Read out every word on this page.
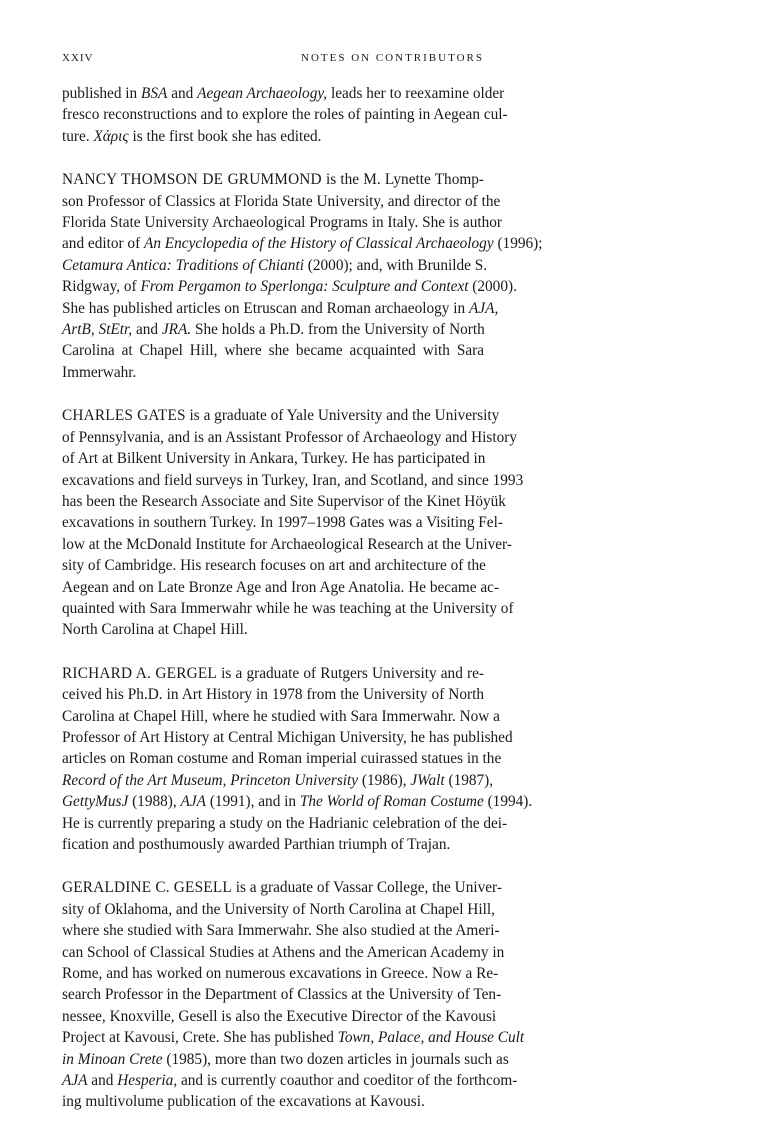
XXIV	NOTES ON CONTRIBUTORS

published in BSA and Aegean Archaeology, leads her to reexamine older
fresco reconstructions and to explore the roles of painting in Aegean cul-
ture. Χάρις is the first book she has edited.

NANCY THOMSON DE GRUMMOND is the M. Lynette Thomp-
son Professor of Classics at Florida State University, and director of the
Florida State University Archaeological Programs in Italy. She is author
and editor of An Encyclopedia of the History of Classical Archaeology (1996);
Cetamura Antica: Traditions of Chianti (2000); and, with Brunilde S.
Ridgway, of From Pergamon to Sperlonga: Sculpture and Context (2000).
She has published articles on Etruscan and Roman archaeology in AJA,
ArtB, StEtr, and JRA. She holds a Ph.D. from the University of North
Carolina at Chapel Hill, where she became acquainted with Sara
Immerwahr.

CHARLES GATES is a graduate of Yale University and the University
of Pennsylvania, and is an Assistant Professor of Archaeology and History
of Art at Bilkent University in Ankara, Turkey. He has participated in
excavations and field surveys in Turkey, Iran, and Scotland, and since 1993
has been the Research Associate and Site Supervisor of the Kinet Höyük
excavations in southern Turkey. In 1997–1998 Gates was a Visiting Fel-
low at the McDonald Institute for Archaeological Research at the Univer-
sity of Cambridge. His research focuses on art and architecture of the
Aegean and on Late Bronze Age and Iron Age Anatolia. He became ac-
quainted with Sara Immerwahr while he was teaching at the University of
North Carolina at Chapel Hill.

RICHARD A. GERGEL is a graduate of Rutgers University and re-
ceived his Ph.D. in Art History in 1978 from the University of North
Carolina at Chapel Hill, where he studied with Sara Immerwahr. Now a
Professor of Art History at Central Michigan University, he has published
articles on Roman costume and Roman imperial cuirassed statues in the
Record of the Art Museum, Princeton University (1986), JWalt (1987),
GettyMusJ (1988), AJA (1991), and in The World of Roman Costume (1994).
He is currently preparing a study on the Hadrianic celebration of the dei-
fication and posthumously awarded Parthian triumph of Trajan.

GERALDINE C. GESELL is a graduate of Vassar College, the Univer-
sity of Oklahoma, and the University of North Carolina at Chapel Hill,
where she studied with Sara Immerwahr. She also studied at the Ameri-
can School of Classical Studies at Athens and the American Academy in
Rome, and has worked on numerous excavations in Greece. Now a Re-
search Professor in the Department of Classics at the University of Ten-
nessee, Knoxville, Gesell is also the Executive Director of the Kavousi
Project at Kavousi, Crete. She has published Town, Palace, and House Cult
in Minoan Crete (1985), more than two dozen articles in journals such as
AJA and Hesperia, and is currently coauthor and coeditor of the forthcom-
ing multivolume publication of the excavations at Kavousi.
